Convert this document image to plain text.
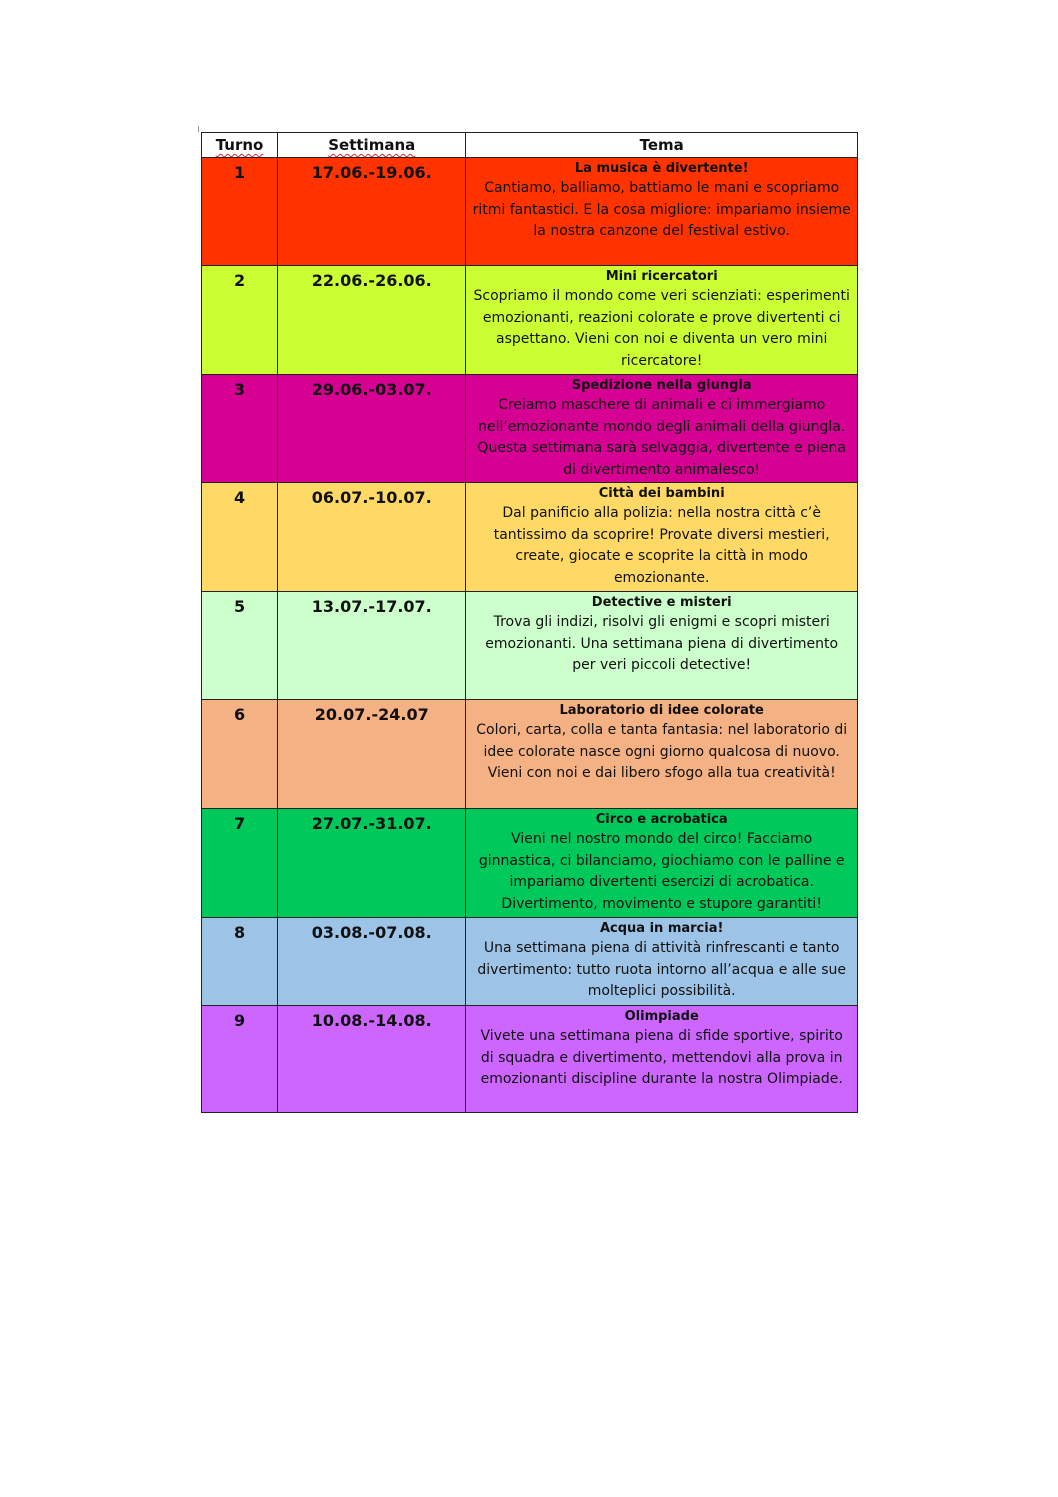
Turno	Settimana	Tema
1	17.06.-19.06.	La musica è divertente!
Cantiamo, balliamo, battiamo le mani e scopriamo ritmi fantastici. E la cosa migliore: impariamo insieme la nostra canzone del festival estivo.

2	22.06.-26.06.	Mini ricercatori
Scopriamo il mondo come veri scienziati: esperimenti emozionanti, reazioni colorate e prove divertenti ci aspettano. Vieni con noi e diventa un vero mini ricercatore!

3	29.06.-03.07.	Spedizione nella giungla
Creiamo maschere di animali e ci immergiamo nell’emozionante mondo degli animali della giungla. Questa settimana sarà selvaggia, divertente e piena di divertimento animalesco!

4	06.07.-10.07.	Città dei bambini
Dal panificio alla polizia: nella nostra città c’è tantissimo da scoprire! Provate diversi mestieri, create, giocate e scoprite la città in modo emozionante.

5	13.07.-17.07.	Detective e misteri
Trova gli indizi, risolvi gli enigmi e scopri misteri emozionanti. Una settimana piena di divertimento per veri piccoli detective!

6	20.07.-24.07	Laboratorio di idee colorate
Colori, carta, colla e tanta fantasia: nel laboratorio di idee colorate nasce ogni giorno qualcosa di nuovo. Vieni con noi e dai libero sfogo alla tua creatività!

7	27.07.-31.07.	Circo e acrobatica
Vieni nel nostro mondo del circo! Facciamo ginnastica, ci bilanciamo, giochiamo con le palline e impariamo divertenti esercizi di acrobatica. Divertimento, movimento e stupore garantiti!

8	03.08.-07.08.	Acqua in marcia!
Una settimana piena di attività rinfrescanti e tanto divertimento: tutto ruota intorno all’acqua e alle sue molteplici possibilità.

9	10.08.-14.08.	Olimpiade
Vivete una settimana piena di sfide sportive, spirito di squadra e divertimento, mettendovi alla prova in emozionanti discipline durante la nostra Olimpiade.
